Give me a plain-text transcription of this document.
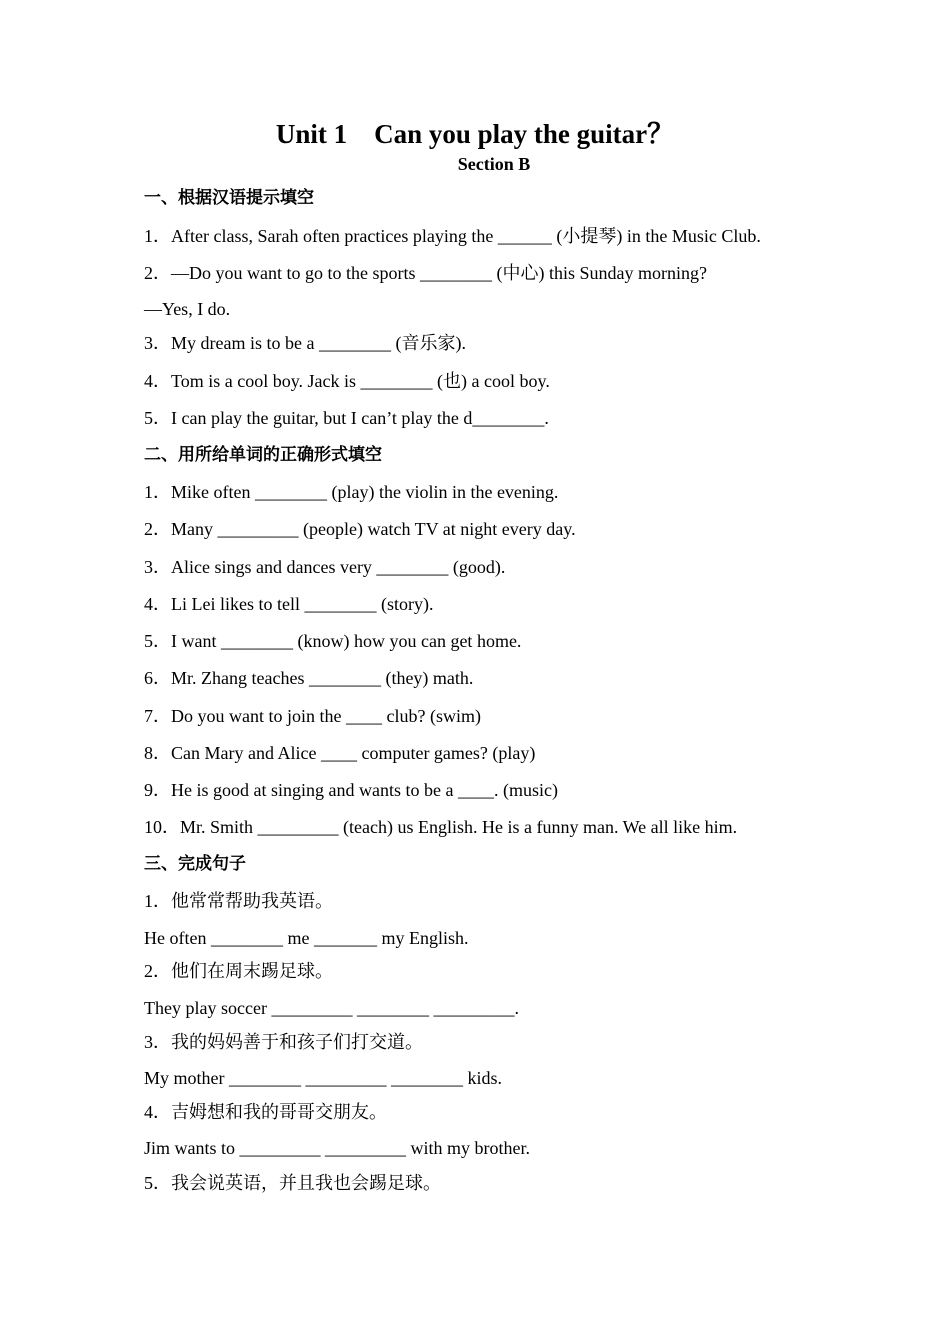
Unit 1    Can you play the guitar？
Section B
一、根据汉语提示填空
1．After class, Sarah often practices playing the ______ (小提琴) in the Music Club.
2．—Do you want to go to the sports ________ (中心) this Sunday morning?
—Yes, I do.
3．My dream is to be a ________ (音乐家).
4．Tom is a cool boy. Jack is ________ (也) a cool boy.
5．I can play the guitar, but I can’t play the d________.
二、用所给单词的正确形式填空
1．Mike often ________ (play) the violin in the evening.
2．Many _________ (people) watch TV at night every day.
3．Alice sings and dances very ________ (good).
4．Li Lei likes to tell ________ (story).
5．I want ________ (know) how you can get home.
6．Mr. Zhang teaches ________ (they) math.
7．Do you want to join the ____ club? (swim)
8．Can Mary and Alice ____ computer games? (play)
9．He is good at singing and wants to be a ____. (music)
10．Mr. Smith _________ (teach) us English. He is a funny man. We all like him.
三、完成句子
1．他常常帮助我英语。
He often ________ me _______ my English.
2．他们在周末踢足球。
They play soccer _________ ________ _________.
3．我的妈妈善于和孩子们打交道。
My mother ________ _________ ________ kids.
4．吉姆想和我的哥哥交朋友。
Jim wants to _________ _________ with my brother.
5．我会说英语，并且我也会踢足球。
